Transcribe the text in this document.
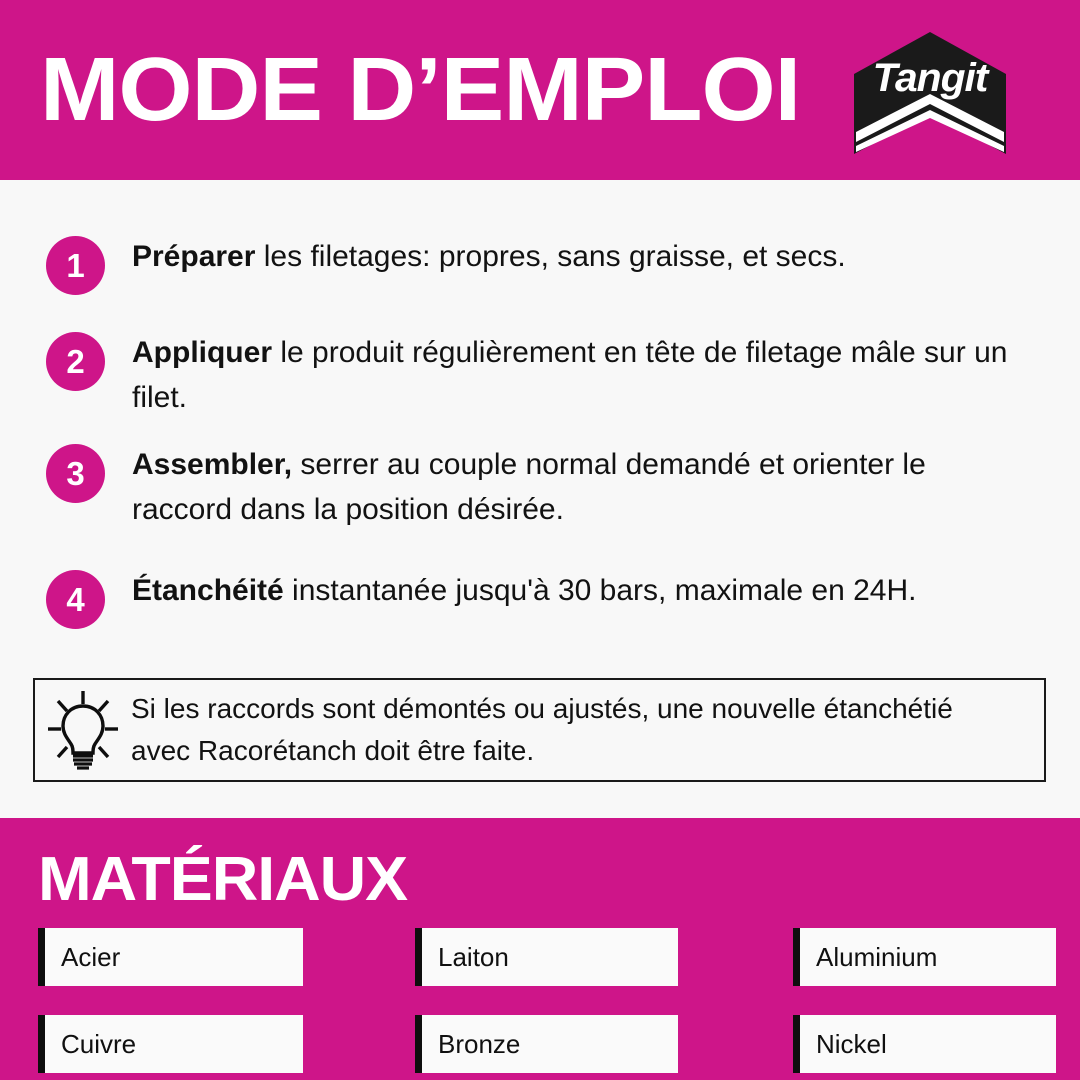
MODE D’EMPLOI	Tangit
1	Préparer les filetages: propres, sans graisse, et secs.
2	Appliquer le produit régulièrement en tête de filetage mâle sur un filet.
3	Assembler, serrer au couple normal demandé et orienter le raccord dans la position désirée.
4	Étanchéité instantanée jusqu'à 30 bars, maximale en 24H.
Si les raccords sont démontés ou ajustés, une nouvelle étanchétié avec Racorétanch doit être faite.
MATÉRIAUX
Acier	Laiton	Aluminium
Cuivre	Bronze	Nickel
